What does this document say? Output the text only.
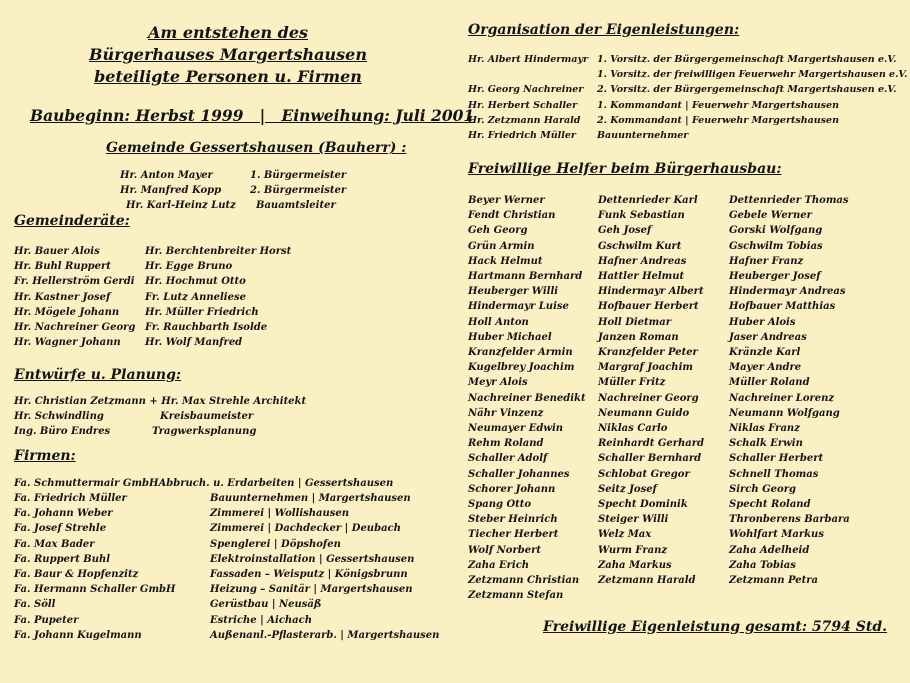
Am entstehen des
Bürgerhauses Margertshausen
beteiligte Personen u. Firmen
Baubeginn: Herbst 1999   |   Einweihung: Juli 2001
Gemeinde Gessertshausen (Bauherr) :
Hr. Anton Mayer
Hr. Manfred Kopp
Hr. Karl-Heinz Lutz
1. Bürgermeister
2. Bürgermeister
Bauamtsleiter
Gemeinderäte:
Hr. Bauer Alois
Hr. Buhl Ruppert
Fr. Hellerström Gerdi
Hr. Kastner Josef
Hr. Mögele Johann
Hr. Nachreiner Georg
Hr. Wagner Johann
Hr. Berchtenbreiter Horst
Hr. Egge Bruno
Hr. Hochmut Otto
Fr. Lutz Anneliese
Hr. Müller Friedrich
Fr. Rauchbarth Isolde
Hr. Wolf Manfred
Entwürfe u. Planung:
Hr. Christian Zetzmann + Hr. Max Strehle Architekt
Hr. Schwindling
Ing. Büro Endres
Kreisbaumeister
Tragwerksplanung
Firmen:
Fa. Schmuttermair GmbHAbbruch. u. Erdarbeiten | Gessertshausen
Fa. Friedrich Müller
Fa. Johann Weber
Fa. Josef Strehle
Fa. Max Bader
Fa. Ruppert Buhl
Fa. Baur & Hopfenzitz
Fa. Hermann Schaller GmbH
Fa. Söll
Fa. Pupeter
Fa. Johann Kugelmann
Bauunternehmen | Margertshausen
Zimmerei | Wollishausen
Zimmerei | Dachdecker | Deubach
Spenglerei | Döpshofen
Elektroinstallation | Gessertshausen
Fassaden – Weisputz | Königsbrunn
Heizung – Sanitär | Margertshausen
Gerüstbau | Neusäß
Estriche | Aichach
Außenanl.-Pflasterarb. | Margertshausen
Organisation der Eigenleistungen:
Hr. Albert Hindermayr

Hr. Georg Nachreiner
Hr. Herbert Schaller
Hr. Zetzmann Harald
Hr. Friedrich Müller
1. Vorsitz. der Bürgergemeinschaft Margertshausen e.V.
1. Vorsitz. der freiwilligen Feuerwehr Margertshausen e.V.
2. Vorsitz. der Bürgergemeinschaft Margertshausen e.V.
1. Kommandant | Feuerwehr Margertshausen
2. Kommandant | Feuerwehr Margertshausen
Bauunternehmer
Freiwillige Helfer beim Bürgerhausbau:
Beyer Werner
Fendt Christian
Geh Georg
Grün Armin
Hack Helmut
Hartmann Bernhard
Heuberger Willi
Hindermayr Luise
Holl Anton
Huber Michael
Kranzfelder Armin
Kugelbrey Joachim
Meyr Alois
Nachreiner Benedikt
Nähr Vinzenz
Neumayer Edwin
Rehm Roland
Schaller Adolf
Schaller Johannes
Schorer Johann
Spang Otto
Steber Heinrich
Tiecher Herbert
Wolf Norbert
Zaha Erich
Zetzmann Christian
Zetzmann Stefan
Dettenrieder Karl
Funk Sebastian
Geh Josef
Gschwilm Kurt
Hafner Andreas
Hattler Helmut
Hindermayr Albert
Hofbauer Herbert
Holl Dietmar
Janzen Roman
Kranzfelder Peter
Margraf Joachim
Müller Fritz
Nachreiner Georg
Neumann Guido
Niklas Carlo
Reinhardt Gerhard
Schaller Bernhard
Schlobat Gregor
Seitz Josef
Specht Dominik
Steiger Willi
Welz Max
Wurm Franz
Zaha Markus
Zetzmann Harald
Dettenrieder Thomas
Gebele Werner
Gorski Wolfgang
Gschwilm Tobias
Hafner Franz
Heuberger Josef
Hindermayr Andreas
Hofbauer Matthias
Huber Alois
Jaser Andreas
Kränzle Karl
Mayer Andre
Müller Roland
Nachreiner Lorenz
Neumann Wolfgang
Niklas Franz
Schalk Erwin
Schaller Herbert
Schnell Thomas
Sirch Georg
Specht Roland
Thronberens Barbara
Wohlfart Markus
Zaha Adelheid
Zaha Tobias
Zetzmann Petra
Freiwillige Eigenleistung gesamt: 5794 Std.
